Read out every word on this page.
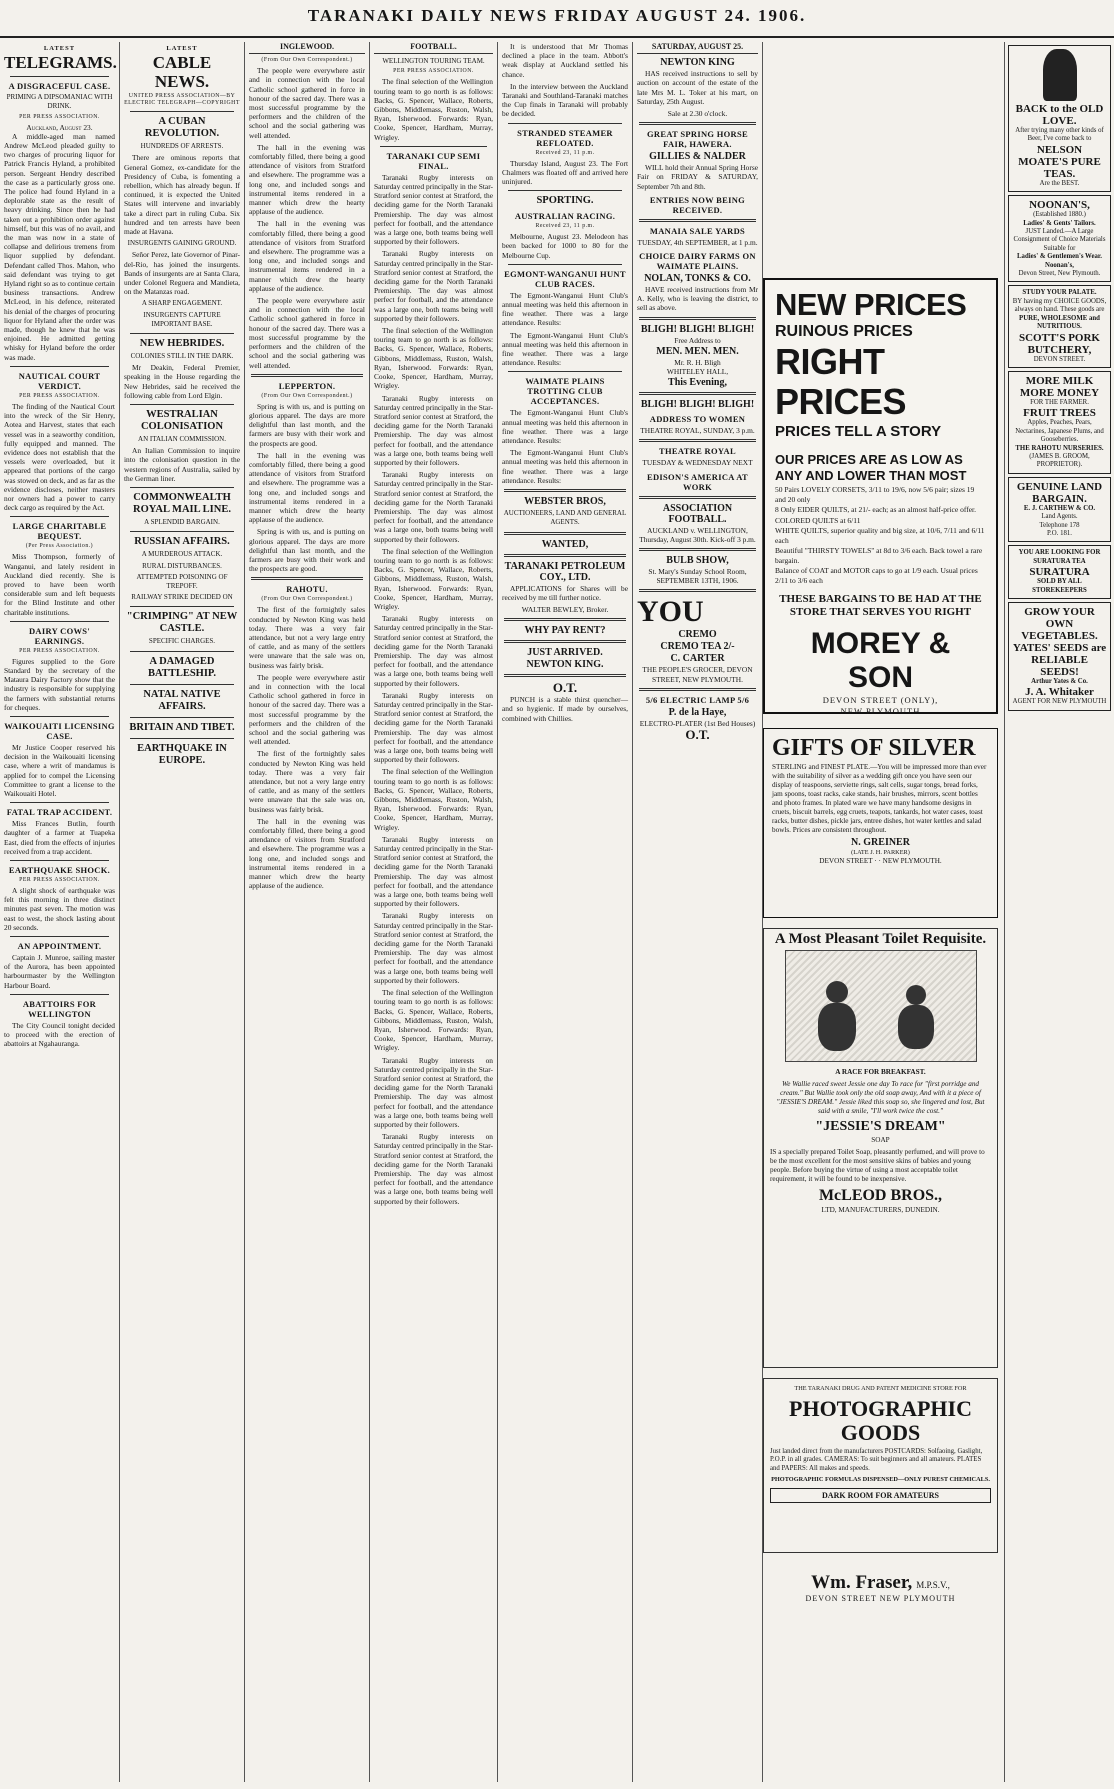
TARANAKI DAILY NEWS FRIDAY AUGUST 24. 1906.
LATEST
TELEGRAMS.
A DISGRACEFUL CASE.
PRIMING A DIPSOMANIAC WITH DRINK.
PER PRESS ASSOCIATION.
Auckland, August 23.

A middle-aged man named Andrew McLeod pleaded guilty to two charges of procuring liquor for Patrick Francis Hyland, a prohibited person. Sergeant Hendry described the case as a particularly gross one. The police had found Hyland in a deplorable state as the result of heavy drinking. Since then he had taken out a prohibition order against himself, but this was of no avail, and the man was now in a state of collapse and delirious tremens from liquor supplied by defendant. Defendant called Thos. Mahon, who said defendant was trying to get Hyland right so as to continue certain business transactions. Andrew McLeod, in his defence, reiterated his denial of the charges of procuring liquor for Hyland after the order was made, though he knew that he was enjoined. He admitted getting whisky for Hyland before the order was made.

NAUTICAL COURT VERDICT.
PER PRESS ASSOCIATION.

The finding of the Nautical Court into the wreck of the Sir Henry, Aotea and Harvest, states that each vessel was in a seaworthy condition, fully equipped and manned. The evidence does not establish that the vessels were overloaded, but it appeared that portions of the cargo was stowed on deck, and as far as the evidence discloses, neither masters nor owners had a power to carry deck cargo as required by the Act.

LARGE CHARITABLE BEQUEST.
(Per Press Association.)

Miss Thompson, formerly of Wanganui, and lately resident in Auckland died recently. She is proved to have been worth considerable sum and left bequests for the Blind Institute and other charitable institutions.

DAIRY COWS' EARNINGS.
PER PRESS ASSOCIATION.

Figures supplied to the Gore Standard by the secretary of the Mataura Dairy Factory show that the industry is responsible for supplying the farmers with substantial returns for cheques.

WAIKOUAITI LICENSING CASE.

Mr Justice Cooper reserved his decision in the Waikouaiti licensing case, where a writ of mandamus is applied for to compel the Licensing Committee to grant a license to the Waikouaiti Hotel.

FATAL TRAP ACCIDENT.

Miss Frances Butlin, fourth daughter of a farmer at Tuapeka East, died from the effects of injuries received from a trap accident.

EARTHQUAKE SHOCK.
PER PRESS ASSOCIATION.

A slight shock of earthquake was felt this morning in three distinct minutes past seven. The motion was east to west, the shock lasting about 20 seconds.

AN APPOINTMENT.

Captain J. Munroe, sailing master of the Aurora, has been appointed harbourmaster by the Wellington Harbour Board.

ABATTOIRS FOR WELLINGTON

The City Council tonight decided to proceed with the erection of abattoirs at Ngahauranga.

LATEST
CABLE NEWS.
UNITED PRESS ASSOCIATION—BY ELECTRIC TELEGRAPH—COPYRIGHT
A CUBAN REVOLUTION.
HUNDREDS OF ARRESTS.

There are ominous reports that General Gomez, ex-candidate for the Presidency of Cuba, is fomenting a rebellion, which has already begun. If continued, it is expected the United States will intervene and invariably take a direct part in ruling Cuba. Six hundred and ten arrests have been made at Havana.

INSURGENTS GAINING GROUND.

Señor Perez, late Governor of Pinar-del-Rio, has joined the insurgents. Bands of insurgents are at Santa Clara, under Colonel Reguera and Mandieta, on the Matanzas road.

A SHARP ENGAGEMENT.
INSURGENTS CAPTURE IMPORTANT BASE.
NEW HEBRIDES.
COLONIES STILL IN THE DARK.

Mr Deakin, Federal Premier, speaking in the House regarding the New Hebrides, said he received the following cable from Lord Elgin.

WESTRALIAN COLONISATION
AN ITALIAN COMMISSION.

An Italian Commission to inquire into the colonisation question in the western regions of Australia, sailed by the German liner.

COMMONWEALTH ROYAL MAIL LINE.
A SPLENDID BARGAIN.
RUSSIAN AFFAIRS.
A MURDEROUS ATTACK.
RURAL DISTURBANCES.
ATTEMPTED POISONING OF TREPOFF.
RAILWAY STRIKE DECIDED ON
"CRIMPING" AT NEW CASTLE.
SPECIFIC CHARGES.
A DAMAGED BATTLESHIP.
NATAL NATIVE AFFAIRS.
BRITAIN AND TIBET.
EARTHQUAKE IN EUROPE.
INGLEWOOD.
(From Our Own Correspondent.)

The people were everywhere astir and in connection with the local Catholic school gathered in force in honour of the sacred day. There was a most successful programme by the performers and the children of the school and the social gathering was well attended.

The hall in the evening was comfortably filled, there being a good attendance of visitors from Stratford and elsewhere. The programme was a long one, and included songs and instrumental items rendered in a manner which drew the hearty applause of the audience.

The hall in the evening was comfortably filled, there being a good attendance of visitors from Stratford and elsewhere. The programme was a long one, and included songs and instrumental items rendered in a manner which drew the hearty applause of the audience.

The people were everywhere astir and in connection with the local Catholic school gathered in force in honour of the sacred day. There was a most successful programme by the performers and the children of the school and the social gathering was well attended.

LEPPERTON.
(From Our Own Correspondent.)

Spring is with us, and is putting on glorious apparel. The days are more delightful than last month, and the farmers are busy with their work and the prospects are good.

The hall in the evening was comfortably filled, there being a good attendance of visitors from Stratford and elsewhere. The programme was a long one, and included songs and instrumental items rendered in a manner which drew the hearty applause of the audience.

Spring is with us, and is putting on glorious apparel. The days are more delightful than last month, and the farmers are busy with their work and the prospects are good.

RAHOTU.
(From Our Own Correspondent.)

The first of the fortnightly sales conducted by Newton King was held today. There was a very fair attendance, but not a very large entry of cattle, and as many of the settlers were unaware that the sale was on, business was fairly brisk.

The people were everywhere astir and in connection with the local Catholic school gathered in force in honour of the sacred day. There was a most successful programme by the performers and the children of the school and the social gathering was well attended.

The first of the fortnightly sales conducted by Newton King was held today. There was a very fair attendance, but not a very large entry of cattle, and as many of the settlers were unaware that the sale was on, business was fairly brisk.

The hall in the evening was comfortably filled, there being a good attendance of visitors from Stratford and elsewhere. The programme was a long one, and included songs and instrumental items rendered in a manner which drew the hearty applause of the audience.

FOOTBALL.
WELLINGTON TOURING TEAM.
PER PRESS ASSOCIATION.

The final selection of the Wellington touring team to go north is as follows: Backs, G. Spencer, Wallace, Roberts, Gibbons, Middlemass, Ruston, Walsh, Ryan, Isherwood. Forwards: Ryan, Cooke, Spencer, Hardham, Murray, Wrigley.

TARANAKI CUP SEMI FINAL.

Taranaki Rugby interests on Saturday centred principally in the Star-Stratford senior contest at Stratford, the deciding game for the North Taranaki Premiership. The day was almost perfect for football, and the attendance was a large one, both teams being well supported by their followers.

Taranaki Rugby interests on Saturday centred principally in the Star-Stratford senior contest at Stratford, the deciding game for the North Taranaki Premiership. The day was almost perfect for football, and the attendance was a large one, both teams being well supported by their followers.

The final selection of the Wellington touring team to go north is as follows: Backs, G. Spencer, Wallace, Roberts, Gibbons, Middlemass, Ruston, Walsh, Ryan, Isherwood. Forwards: Ryan, Cooke, Spencer, Hardham, Murray, Wrigley.

Taranaki Rugby interests on Saturday centred principally in the Star-Stratford senior contest at Stratford, the deciding game for the North Taranaki Premiership. The day was almost perfect for football, and the attendance was a large one, both teams being well supported by their followers.

Taranaki Rugby interests on Saturday centred principally in the Star-Stratford senior contest at Stratford, the deciding game for the North Taranaki Premiership. The day was almost perfect for football, and the attendance was a large one, both teams being well supported by their followers.

The final selection of the Wellington touring team to go north is as follows: Backs, G. Spencer, Wallace, Roberts, Gibbons, Middlemass, Ruston, Walsh, Ryan, Isherwood. Forwards: Ryan, Cooke, Spencer, Hardham, Murray, Wrigley.

Taranaki Rugby interests on Saturday centred principally in the Star-Stratford senior contest at Stratford, the deciding game for the North Taranaki Premiership. The day was almost perfect for football, and the attendance was a large one, both teams being well supported by their followers.

Taranaki Rugby interests on Saturday centred principally in the Star-Stratford senior contest at Stratford, the deciding game for the North Taranaki Premiership. The day was almost perfect for football, and the attendance was a large one, both teams being well supported by their followers.

The final selection of the Wellington touring team to go north is as follows: Backs, G. Spencer, Wallace, Roberts, Gibbons, Middlemass, Ruston, Walsh, Ryan, Isherwood. Forwards: Ryan, Cooke, Spencer, Hardham, Murray, Wrigley.

Taranaki Rugby interests on Saturday centred principally in the Star-Stratford senior contest at Stratford, the deciding game for the North Taranaki Premiership. The day was almost perfect for football, and the attendance was a large one, both teams being well supported by their followers.

Taranaki Rugby interests on Saturday centred principally in the Star-Stratford senior contest at Stratford, the deciding game for the North Taranaki Premiership. The day was almost perfect for football, and the attendance was a large one, both teams being well supported by their followers.

The final selection of the Wellington touring team to go north is as follows: Backs, G. Spencer, Wallace, Roberts, Gibbons, Middlemass, Ruston, Walsh, Ryan, Isherwood. Forwards: Ryan, Cooke, Spencer, Hardham, Murray, Wrigley.

Taranaki Rugby interests on Saturday centred principally in the Star-Stratford senior contest at Stratford, the deciding game for the North Taranaki Premiership. The day was almost perfect for football, and the attendance was a large one, both teams being well supported by their followers.

Taranaki Rugby interests on Saturday centred principally in the Star-Stratford senior contest at Stratford, the deciding game for the North Taranaki Premiership. The day was almost perfect for football, and the attendance was a large one, both teams being well supported by their followers.

It is understood that Mr Thomas declined a place in the team. Abbott's weak display at Auckland settled his chance.

In the interview between the Auckland Taranaki and Southland-Taranaki matches the Cup finals in Taranaki will probably be decided.

STRANDED STEAMER REFLOATED.
Received 23, 11 p.m.

Thursday Island, August 23. The Fort Chalmers was floated off and arrived here uninjured.

SPORTING.
AUSTRALIAN RACING.
Received 23, 11 p.m.

Melbourne, August 23. Melodeon has been backed for 1000 to 80 for the Melbourne Cup.

EGMONT-WANGANUI HUNT CLUB RACES.

The Egmont-Wanganui Hunt Club's annual meeting was held this afternoon in fine weather. There was a large attendance. Results:

The Egmont-Wanganui Hunt Club's annual meeting was held this afternoon in fine weather. There was a large attendance. Results:

WAIMATE PLAINS TROTTING CLUB ACCEPTANCES.

The Egmont-Wanganui Hunt Club's annual meeting was held this afternoon in fine weather. There was a large attendance. Results:

The Egmont-Wanganui Hunt Club's annual meeting was held this afternoon in fine weather. There was a large attendance. Results:

WEBSTER BROS,
AUCTIONEERS, LAND AND GENERAL AGENTS.
WANTED,
TARANAKI PETROLEUM COY., LTD.

APPLICATIONS for Shares will be received by me till further notice.

WALTER BEWLEY, Broker.
WHY PAY RENT?
JUST ARRIVED.
NEWTON KING.
O.T.

PUNCH is a stable thirst quencher—and so hygienic. If made by ourselves, combined with Chillies.

SATURDAY, AUGUST 25.
NEWTON KING

HAS received instructions to sell by auction on account of the estate of the late Mrs M. L. Toker at his mart, on Saturday, 25th August.

Sale at 2.30 o'clock.
GREAT SPRING HORSE FAIR, HAWERA.
GILLIES & NALDER

WILL hold their Annual Spring Horse Fair on FRIDAY & SATURDAY, September 7th and 8th.

ENTRIES NOW BEING RECEIVED.
MANAIA SALE YARDS
TUESDAY, 4th SEPTEMBER, at 1 p.m.
CHOICE DAIRY FARMS ON WAIMATE PLAINS.
NOLAN, TONKS & CO.

HAVE received instructions from Mr A. Kelly, who is leaving the district, to sell as above.

BLIGH! BLIGH! BLIGH!
Free Address to
MEN. MEN. MEN.
Mr. R. H. Bligh
WHITELEY HALL,
This Evening,
BLIGH! BLIGH! BLIGH!
ADDRESS TO WOMEN
THEATRE ROYAL, SUNDAY, 3 p.m.
THEATRE ROYAL
TUESDAY & WEDNESDAY NEXT
EDISON'S AMERICA AT WORK
ASSOCIATION FOOTBALL.
AUCKLAND v. WELLINGTON, Thursday, August 30th. Kick-off 3 p.m.
BULB SHOW,
St. Mary's Sunday School Room, SEPTEMBER 13TH, 1906.
YOU
CREMO
CREMO TEA 2/-
C. CARTER
THE PEOPLE'S GROCER, DEVON STREET, NEW PLYMOUTH.
5/6 ELECTRIC LAMP 5/6
P. de la Haye,
ELECTRO-PLATER (1st Bed Houses)
O.T.
NEW PRICES
RUINOUS PRICES
RIGHT PRICES
PRICES TELL A STORY
OUR PRICES ARE AS LOW AS ANY AND LOWER THAN MOST
50 Pairs LOVELY CORSETS, 3/11 to 19/6, now 5/6 pair; sizes 19 and 20 only
8 Only EIDER QUILTS, at 21/- each; as an almost half-price offer.
COLORED QUILTS at 6/11
WHITE QUILTS, superior quality and big size, at 10/6, 7/11 and 6/11 each
Beautiful "THIRSTY TOWELS" at 8d to 3/6 each. Back towel a rare bargain.
Balance of COAT and MOTOR caps to go at 1/9 each. Usual prices 2/11 to 3/6 each
THESE BARGAINS TO BE HAD AT THE STORE THAT SERVES YOU RIGHT
MOREY & SON
DEVON STREET (ONLY),
NEW PLYMOUTH
GIFTS OF SILVER

STERLING and FINEST PLATE.—You will be impressed more than ever with the suitability of silver as a wedding gift once you have seen our display of teaspoons, serviette rings, salt cells, sugar tongs, bread forks, jam spoons, toast racks, cake stands, hair brushes, mirrors, scent bottles and photo frames. In plated ware we have many handsome designs in cruets, biscuit barrels, egg cruets, teapots, tankards, hot water cases, toast racks, butter dishes, pickle jars, entree dishes, hot water kettles and salad bowls. Prices are consistent throughout.

N. GREINER
(LATE J. H. PARKER)
DEVON STREET · · NEW PLYMOUTH.
A Most Pleasant Toilet Requisite.
A RACE FOR BREAKFAST.

We Wallie raced sweet Jessie one day To race for "first porridge and cream." But Wallie took only the old soap away, And with it a piece of "JESSIE'S DREAM." Jessie liked this soap so, she lingered and lost, But said with a smile, "I'll work twice the cost."

"JESSIE'S DREAM"
SOAP

IS a specially prepared Toilet Soap, pleasantly perfumed, and will prove to be the most excellent for the most sensitive skins of babies and young people. Before buying the virtue of using a most acceptable toilet requirement, it will be found to be inexpensive.

McLEOD BROS.,
LTD, MANUFACTURERS, DUNEDIN.
THE TARANAKI DRUG AND PATENT MEDICINE STORE FOR
PHOTOGRAPHIC GOODS

Just landed direct from the manufacturers POSTCARDS: Solfaoing, Gaslight, P.O.P. in all grades. CAMERAS: To suit beginners and all amateurs. PLATES and PAPERS: All makes and speeds.

PHOTOGRAPHIC FORMULAS DISPENSED—ONLY PUREST CHEMICALS.
DARK ROOM FOR AMATEURS
Wm. Fraser, M.P.S.V.,
DEVON STREET NEW PLYMOUTH
BACK to the OLD LOVE.
After trying many other kinds of Beer, I've come back to
NELSON MOATE'S PURE TEAS.
Are the BEST.
NOONAN'S,
(Established 1880.)
Ladies' & Gents' Tailors.
JUST Landed.—A Large Consignment of Choice Materials Suitable for
Ladies' & Gentlemen's Wear.
Noonan's,
Devon Street, New Plymouth.
STUDY YOUR PALATE.
BY having my CHOICE GOODS, always on hand. These goods are
PURE, WHOLESOME and NUTRITIOUS.
SCOTT'S PORK BUTCHERY,
DEVON STREET.
MORE MILK MORE MONEY
FOR THE FARMER.
FRUIT TREES
Apples, Peaches, Pears, Nectarines, Japanese Plums, and Gooseberries.
THE RAHOTU NURSERIES.
(JAMES B. GROOM, PROPRIETOR).
GENUINE LAND BARGAIN.
E. J. CARTHEW & CO.
Land Agents.
Telephone 178
P.O. 181.
YOU ARE LOOKING FOR SURATURA TEA
SURATURA
SOLD BY ALL STOREKEEPERS
GROW YOUR OWN VEGETABLES.
YATES' SEEDS are RELIABLE SEEDS!
Arthur Yates & Co.
J. A. Whitaker
AGENT FOR NEW PLYMOUTH
